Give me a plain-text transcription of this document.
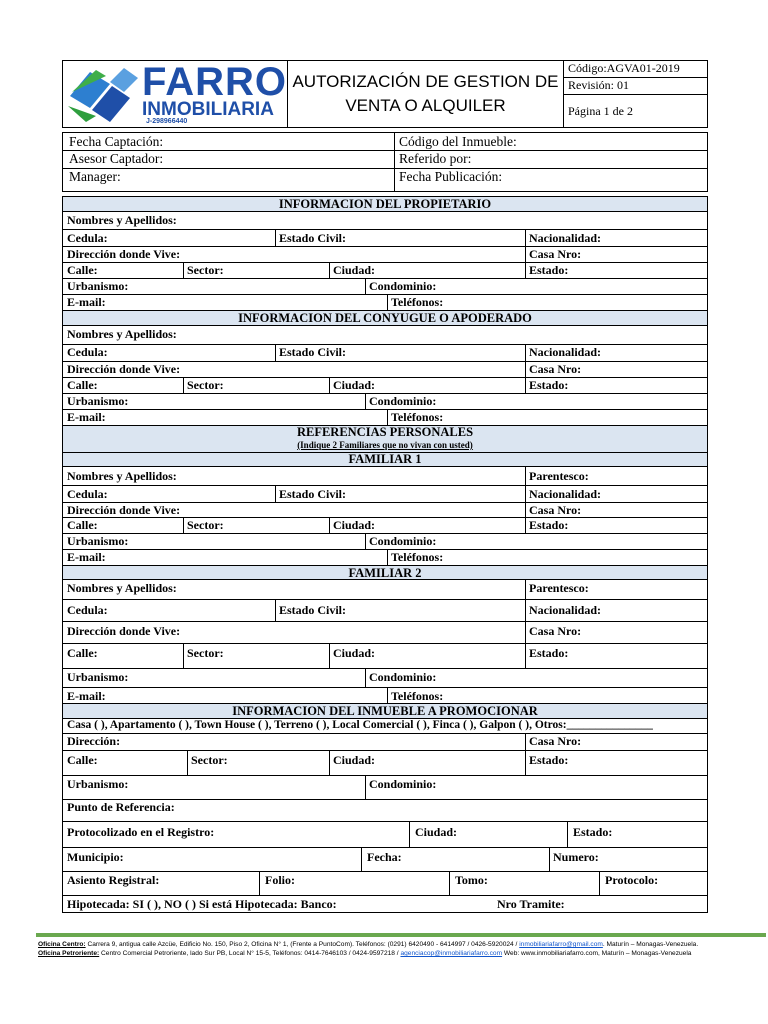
FARRO
INMOBILIARIA
J-298966440
AUTORIZACIÓN DE GESTION DE
VENTA O ALQUILER
Código:AGVA01-2019
Revisión: 01
Página 1 de 2
Fecha Captación:	Código del Inmueble:
Asesor Captador:	Referido por:
Manager:	Fecha Publicación:
INFORMACION DEL PROPIETARIO
Nombres y Apellidos:
Cedula:	Estado Civil:	Nacionalidad:
Dirección donde Vive:	Casa Nro:
Calle:	Sector:	Ciudad:	Estado:
Urbanismo:	Condominio:
E-mail:	Teléfonos:
INFORMACION DEL CONYUGUE O APODERADO
Nombres y Apellidos:
Cedula:	Estado Civil:	Nacionalidad:
Dirección donde Vive:	Casa Nro:
Calle:	Sector:	Ciudad:	Estado:
Urbanismo:	Condominio:
E-mail:	Teléfonos:
REFERENCIAS PERSONALES
(Indique 2 Familiares que no vivan con usted)
FAMILIAR 1
Nombres y Apellidos:	Parentesco:
Cedula:	Estado Civil:	Nacionalidad:
Dirección donde Vive:	Casa Nro:
Calle:	Sector:	Ciudad:	Estado:
Urbanismo:	Condominio:
E-mail:	Teléfonos:
FAMILIAR 2
Nombres y Apellidos:	Parentesco:
Cedula:	Estado Civil:	Nacionalidad:
Dirección donde Vive:	Casa Nro:
Calle:	Sector:	Ciudad:	Estado:
Urbanismo:	Condominio:
E-mail:	Teléfonos:
INFORMACION DEL INMUEBLE A PROMOCIONAR
Casa ( ), Apartamento ( ), Town House ( ), Terreno ( ), Local Comercial ( ), Finca ( ), Galpon ( ), Otros:_______________
Dirección:	Casa Nro:
Calle:	Sector:	Ciudad:	Estado:
Urbanismo:	Condominio:
Punto de Referencia:
Protocolizado en el Registro:	Ciudad:	Estado:
Municipio:	Fecha:	Numero:
Asiento Registral:	Folio:	Tomo:	Protocolo:
Hipotecada: SI ( ), NO ( ) Si está Hipotecada: Banco:	Nro Tramite:
Oficina Centro: Carrera 9, antigua calle Azcüe, Edificio No. 150, Piso 2, Oficina N° 1, (Frente a PuntoCom). Teléfonos: (0291) 6420490 - 6414997 / 0426-5920024 / inmobiliariafarro@gmail.com. Maturín – Monagas-Venezuela.
Oficina Petroriente: Centro Comercial Petroriente, lado Sur PB, Local N° 15-5, Teléfonos: 0414-7646103 / 0424-9597218 / agenciacop@inmobiliariafarro.com Web: www.inmobiliariafarro.com, Maturín – Monagas-Venezuela
